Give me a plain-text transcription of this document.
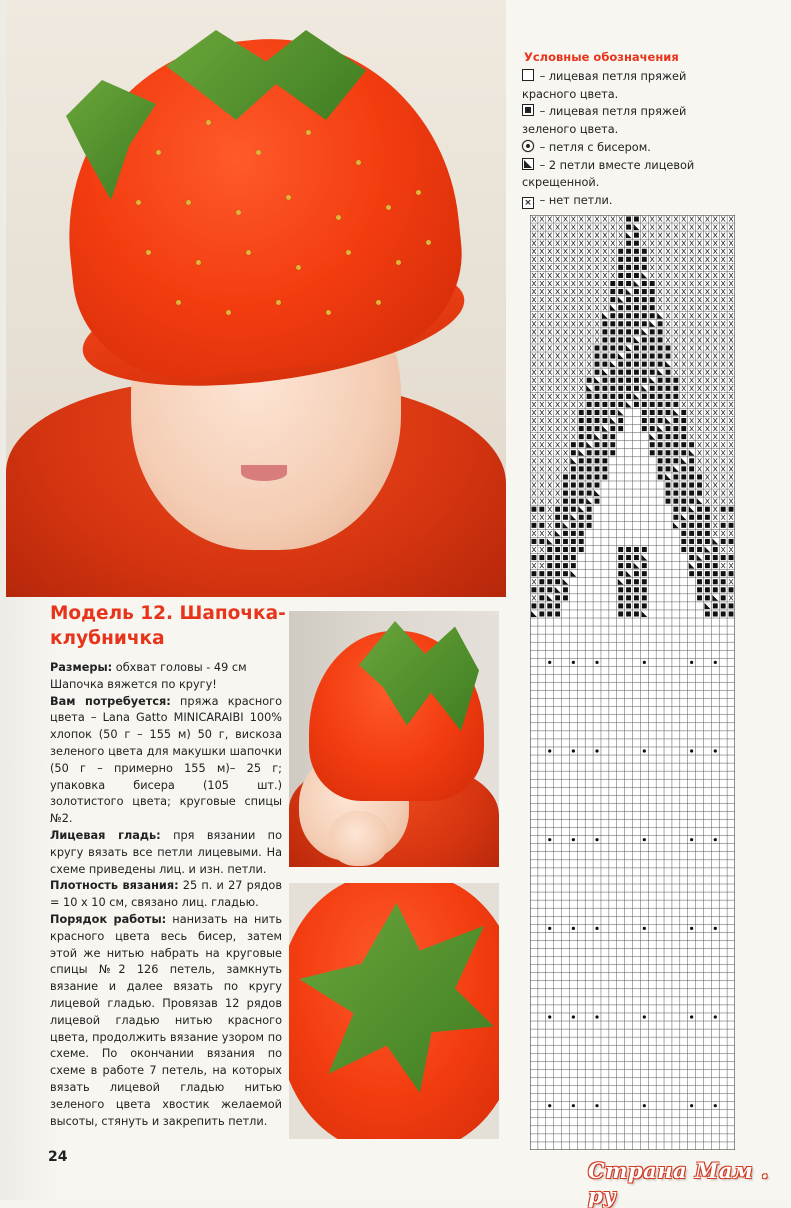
Модель 12. Шапочка-клубничка

Размеры: обхват головы - 49 см

Шапочка вяжется по кругу!

Вам потребуется: пряжа красного цвета – Lana Gatto MINICARAIBI 100% хлопок (50 г – 155 м) 50 г, вискоза зеленого цвета для макушки шапочки (50 г – примерно 155 м)– 25 г; упаковка бисера (105 шт.) золотистого цвета; круговые спицы №2.

Лицевая гладь: пря вязании по кругу вязать все петли лицевыми. На схеме приведены лиц. и изн. петли.

Плотность вязания: 25 п. и 27 рядов = 10 х 10 см, связано лиц. гладью.

Порядок работы: нанизать на нить красного цвета весь бисер, затем этой же нитью набрать на круговые спицы №2 126 петель, замкнуть вязание и далее вязать по кругу лицевой гладью. Провязав 12 рядов лицевой гладью нитью красного цвета, продолжить вязание узором по схеме. По окончании вязания по схеме в работе 7 петель, на которых вязать лицевой гладью нитью зеленого цвета хвостик желаемой высоты, стянуть и закрепить петли.

24
Условные обозначения
– лицевая петля пряжей красного цвета.
– лицевая петля пряжей зеленого цвета.
– петля с бисером.
– 2 петли вместе лицевой скрещенной.
× – нет петли.
Страна Мам . ру
